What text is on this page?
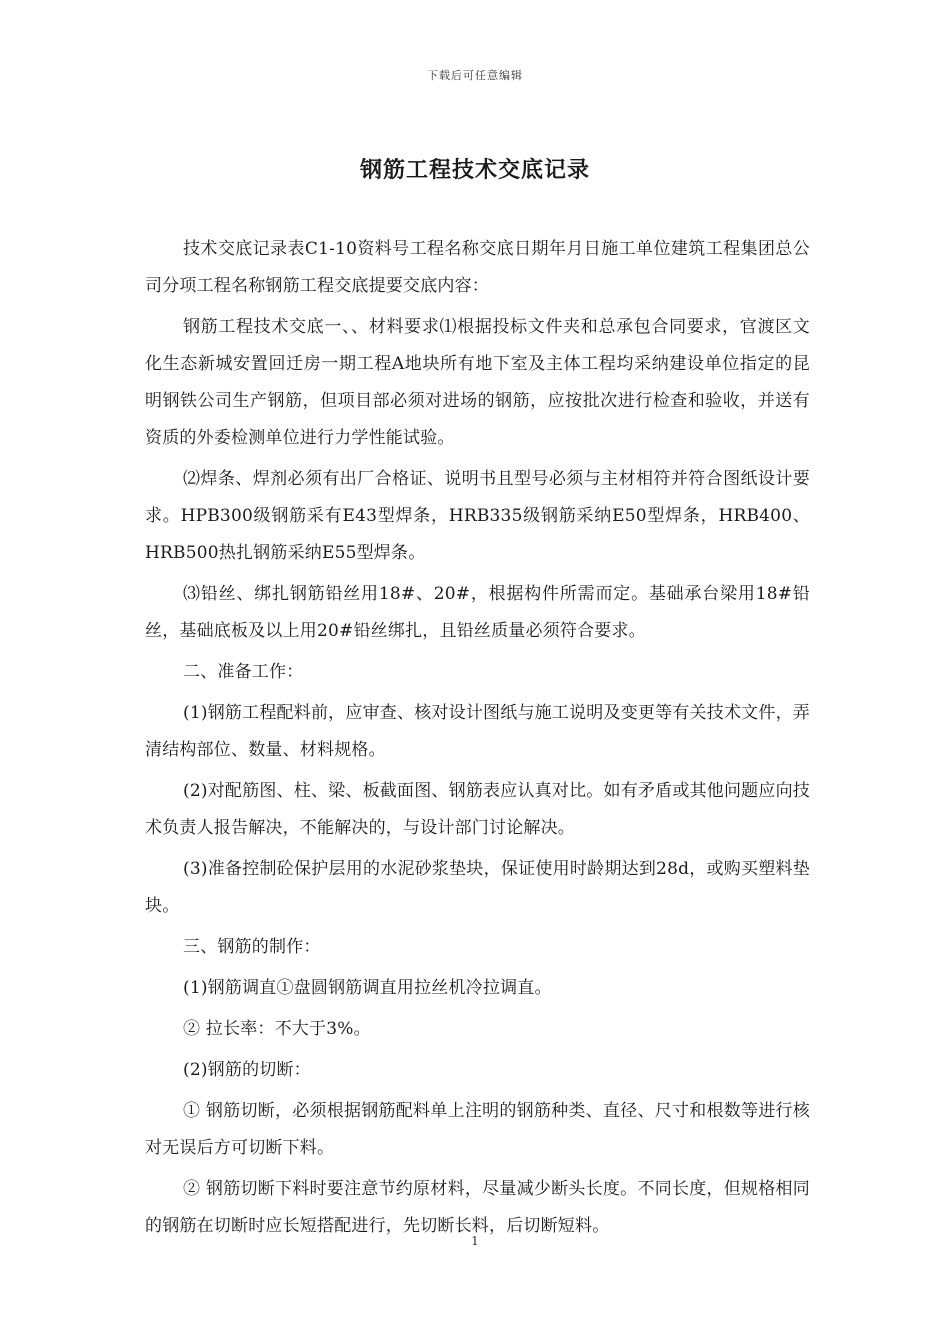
下载后可任意编辑
钢筋工程技术交底记录

技术交底记录表C1-10资料号工程名称交底日期年月日施工单位建筑工程集团总公司分项工程名称钢筋工程交底提要交底内容：

钢筋工程技术交底一、、材料要求⑴根据投标文件夹和总承包合同要求，官渡区文化生态新城安置回迁房一期工程A地块所有地下室及主体工程均采纳建设单位指定的昆明钢铁公司生产钢筋，但项目部必须对进场的钢筋，应按批次进行检查和验收，并送有资质的外委检测单位进行力学性能试验。

⑵焊条、焊剂必须有出厂合格证、说明书且型号必须与主材相符并符合图纸设计要求。HPB300级钢筋采有E43型焊条，HRB335级钢筋采纳E50型焊条，HRB400、HRB500热扎钢筋采纳E55型焊条。

⑶铅丝、绑扎钢筋铅丝用18#、20#，根据构件所需而定。基础承台梁用18#铅丝，基础底板及以上用20#铅丝绑扎，且铅丝质量必须符合要求。

二、准备工作：

(1)钢筋工程配料前，应审查、核对设计图纸与施工说明及变更等有关技术文件，弄清结构部位、数量、材料规格。

(2)对配筋图、柱、梁、板截面图、钢筋表应认真对比。如有矛盾或其他问题应向技术负责人报告解决，不能解决的，与设计部门讨论解决。

(3)准备控制砼保护层用的水泥砂浆垫块，保证使用时龄期达到28d，或购买塑料垫块。

三、钢筋的制作：

(1)钢筋调直①盘圆钢筋调直用拉丝机冷拉调直。

② 拉长率：不大于3%。

(2)钢筋的切断：

① 钢筋切断，必须根据钢筋配料单上注明的钢筋种类、直径、尺寸和根数等进行核对无误后方可切断下料。

② 钢筋切断下料时要注意节约原材料，尽量减少断头长度。不同长度，但规格相同的钢筋在切断时应长短搭配进行，先切断长料，后切断短料。

1
